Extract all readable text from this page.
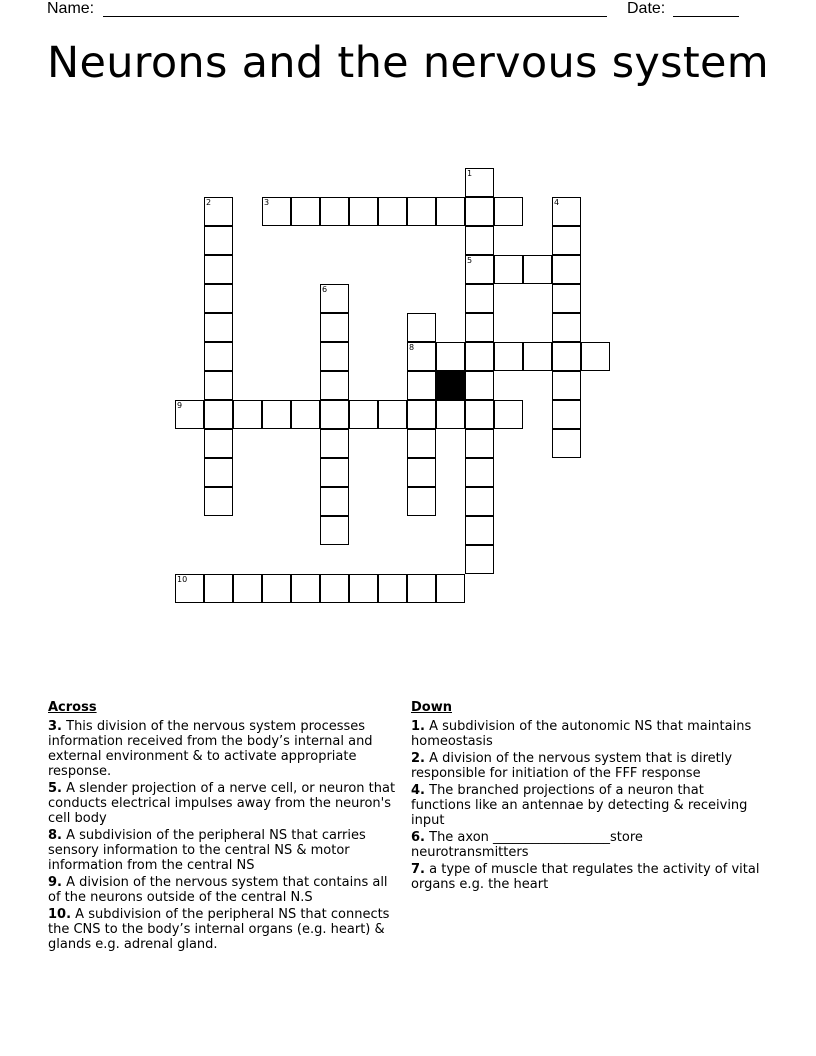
Name:	Date:
Neurons and the nervous system
1
5
2
9
4
3
6
8
10
Across
3. This division of the nervous system processes information received from the body’s internal and external environment & to activate appropriate response.
5. A slender projection of a nerve cell, or neuron that conducts electrical impulses away from the neuron's cell body
8. A subdivision of the peripheral NS that carries sensory information to the central NS & motor information from the central NS
9. A division of the nervous system that contains all of the neurons outside of the central N.S
10. A subdivision of the peripheral NS that connects the CNS to the body’s internal organs (e.g. heart) & glands e.g. adrenal gland.
Down
1. A subdivision of the autonomic NS that maintains homeostasis
2. A division of the nervous system that is diretly responsible for initiation of the FFF response
4. The branched projections of a neuron that functions like an antennae by detecting & receiving input
6. The axon __________________store neurotransmitters
7. a type of muscle that regulates the activity of vital organs e.g. the heart
